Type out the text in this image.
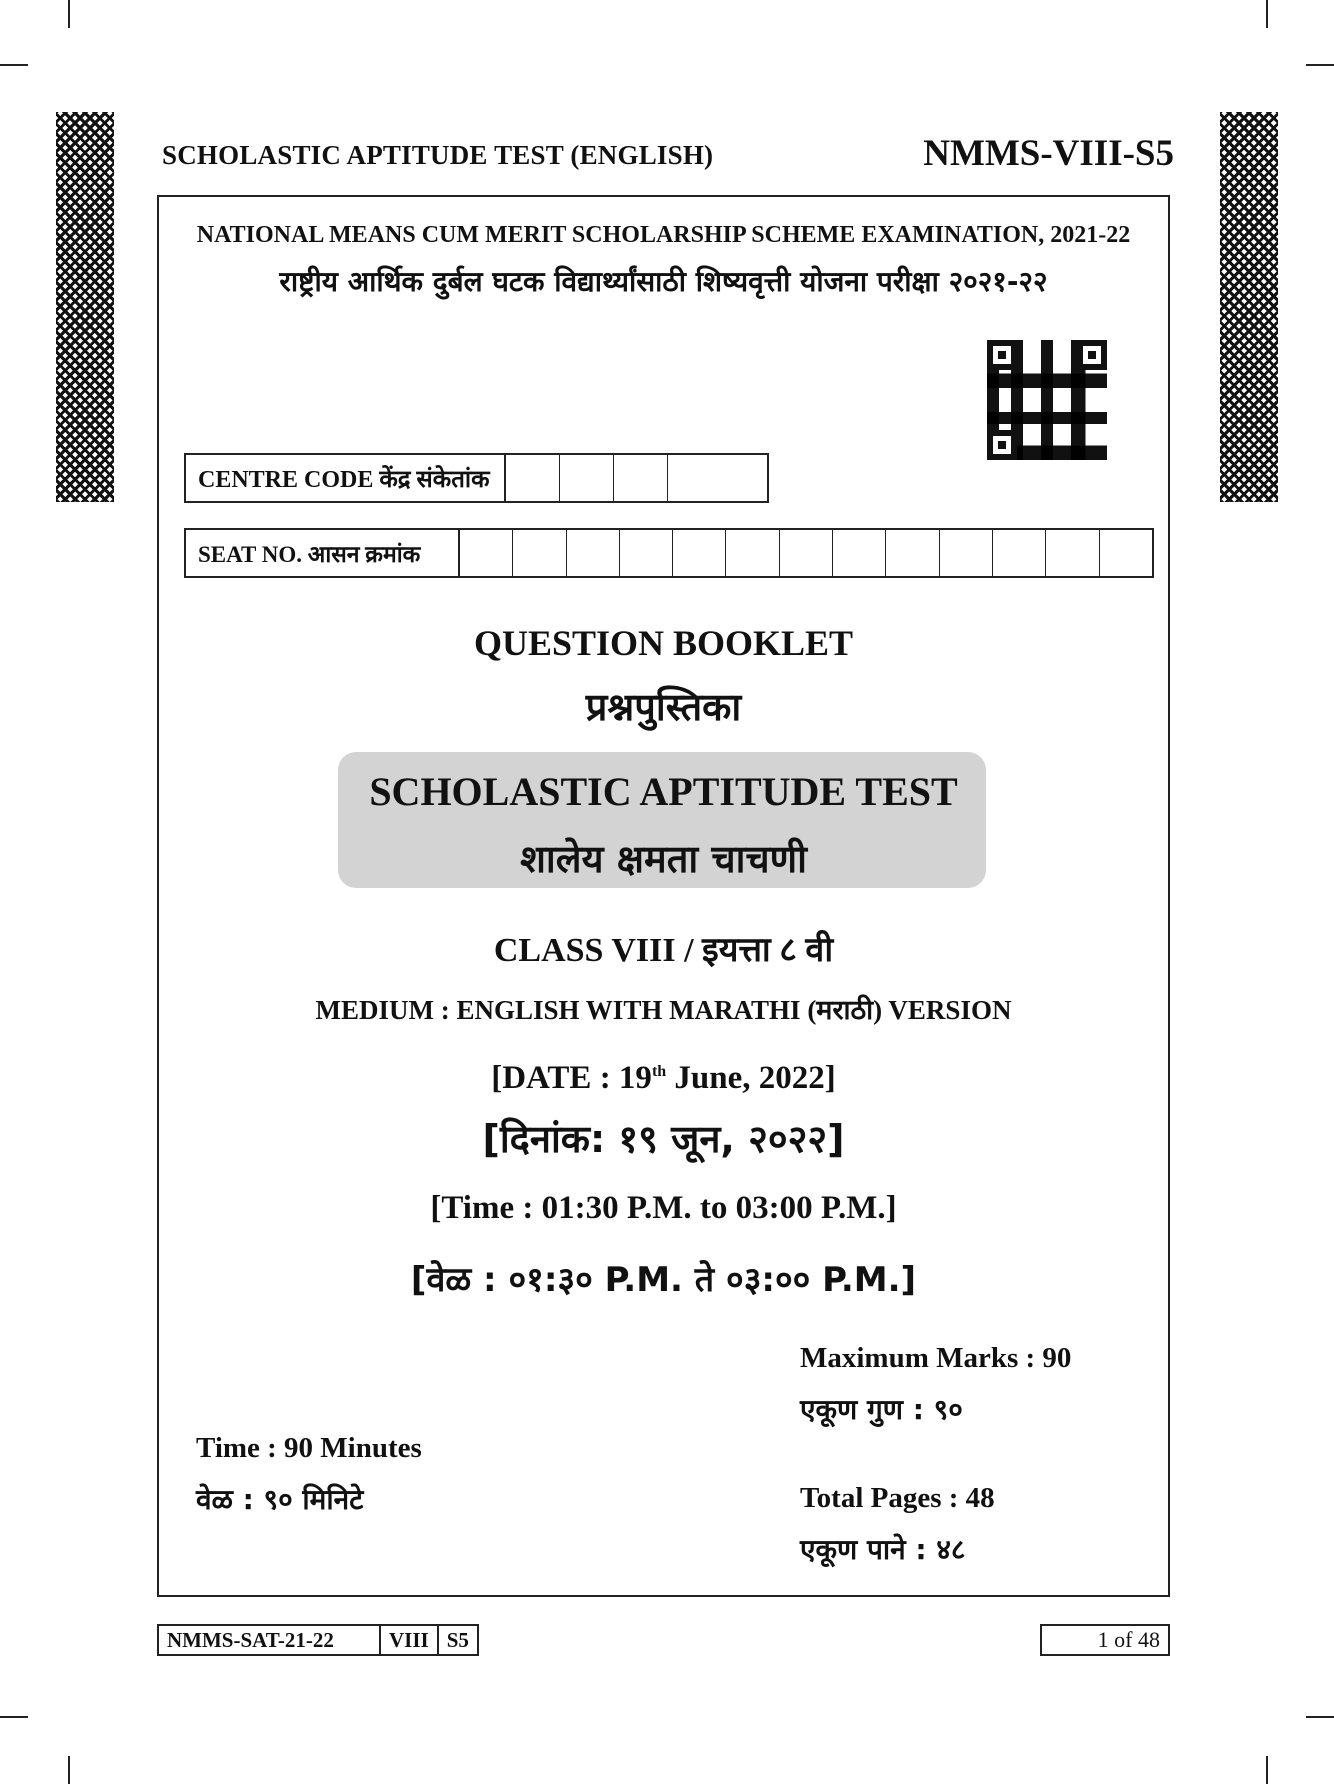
SCHOLASTIC APTITUDE TEST (ENGLISH)	NMMS-VIII-S5
NATIONAL MEANS CUM MERIT SCHOLARSHIP SCHEME EXAMINATION, 2021-22
राष्ट्रीय आर्थिक दुर्बल घटक विद्यार्थ्यांसाठी शिष्यवृत्ती योजना परीक्षा २०२१-२२
CENTRE CODE केंद्र संकेतांक
SEAT NO. आसन क्रमांक
QUESTION BOOKLET
प्रश्नपुस्तिका
SCHOLASTIC APTITUDE TEST
शालेय क्षमता चाचणी
CLASS VIII / इयत्ता ८ वी
MEDIUM : ENGLISH WITH MARATHI (मराठी) VERSION
[DATE : 19th June, 2022]
[दिनांक: १९ जून, २०२२]
[Time : 01:30 P.M. to 03:00 P.M.]
[वेळ : ०१:३० P.M. ते ०३:०० P.M.]
Maximum Marks : 90
एकूण गुण : ९०
Time : 90 Minutes
वेळ : ९० मिनिटे	Total Pages : 48
एकूण पाने : ४८
NMMS-SAT-21-22	VIII S5	1 of 48
